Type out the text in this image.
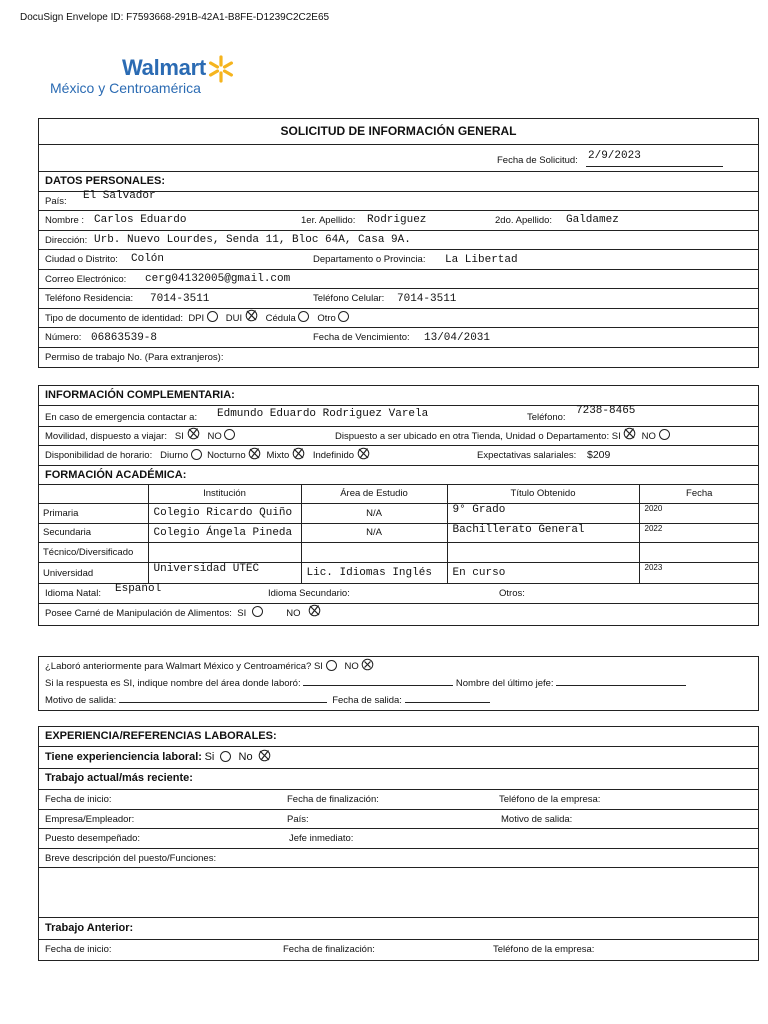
DocuSign Envelope ID: F7593668-291B-42A1-B8FE-D1239C2C2E65
Walmart
México y Centroamérica
SOLICITUD DE INFORMACIÓN GENERAL
Fecha de Solicitud: 2/9/2023
DATOS PERSONALES:
País: El Salvador
Nombre : Carlos Eduardo	1er. Apellido: Rodriguez	2do. Apellido: Galdamez
Dirección: Urb. Nuevo Lourdes, Senda 11, Bloc 64A, Casa 9A.
Ciudad o Distrito: Colón	Departamento o Provincia: La Libertad
Correo Electrónico: cerg04132005@gmail.com
Teléfono Residencia: 7014-3511	Teléfono Celular: 7014-3511
Tipo de documento de identidad: DPI DUI Cédula Otro
Número: 06863539-8	Fecha de Vencimiento: 13/04/2031
Permiso de trabajo No. (Para extranjeros):
INFORMACIÓN COMPLEMENTARIA:
En caso de emergencia contactar a: Edmundo Eduardo Rodriguez Varela	Teléfono:
7238-8465
Movilidad, dispuesto a viajar: SI NO	Dispuesto a ser ubicado en otra Tienda, Unidad o Departamento: SI NO
Disponibilidad de horario: Diurno Nocturno Mixto Indefinido	Expectativas salariales: $209
FORMACIÓN ACADÉMICA:
	Institución	Área de Estudio	Título Obtenido	Fecha
Primaria	Colegio Ricardo Quiño	N/A	9° Grado	2020
Secundaria	Colegio Ángela Pineda	N/A	Bachillerato General	2022
Técnico/Diversificado				
Universidad	Universidad UTEC	Lic. Idiomas Inglés	En curso	2023
Idioma Natal: Español	Idioma Secundario:	Otros:
Posee Carné de Manipulación de Alimentos: SI	NO
¿Laboró anteriormente para Walmart México y Centroamérica? SI NO
Si la respuesta es SI, indique nombre del área donde laboró:	Nombre del último jefe:
Motivo de salida:	Fecha de salida:
EXPERIENCIA/REFERENCIAS LABORALES:
Tiene experienciencia laboral: Si No
Trabajo actual/más reciente:
Fecha de inicio:	Fecha de finalización:	Teléfono de la empresa:
Empresa/Empleador:	País:	Motivo de salida:
Puesto desempeñado:	Jefe inmediato:
Breve descripción del puesto/Funciones:
Trabajo Anterior:
Fecha de inicio:	Fecha de finalización:	Teléfono de la empresa:
